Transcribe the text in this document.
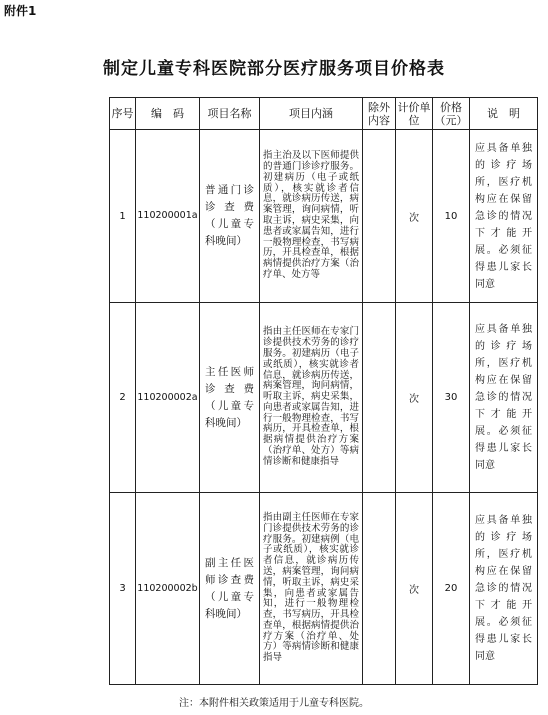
附件1
制定儿童专科医院部分医疗服务项目价格表
序号	编　码	项目名称	项目内涵	除外内容	计价单位	价格（元）	说　明
1	110200001a	普通门诊诊查费（儿童专科晚间）	指主治及以下医师提供的普通门诊诊疗服务。初建病历（电子或纸质），核实就诊者信息，就诊病历传送，病案管理，询问病情，听取主诉，病史采集，向患者或家属告知，进行一般物理检查，书写病历，开具检查单，根据病情提供治疗方案（治疗单、处方等		次	10	应具备单独的诊疗场所，医疗机构应在保留急诊的情况下才能开展。必须征得患儿家长同意
2	110200002a	主任医师诊查费（儿童专科晚间）	指由主任医师在专家门诊提供技术劳务的诊疗服务。初建病历（电子或纸质），核实就诊者信息，就诊病历传送，病案管理，询问病情，听取主诉，病史采集，向患者或家属告知，进行一般物理检查，书写病历，开具检查单，根据病情提供治疗方案（治疗单、处方）等病情诊断和健康指导		次	30	应具备单独的诊疗场所，医疗机构应在保留急诊的情况下才能开展。必须征得患儿家长同意
3	110200002b	副主任医师诊查费（儿童专科晚间）	指由副主任医师在专家门诊提供技术劳务的诊疗服务。初建病例（电子或纸质），核实就诊者信息，就诊病历传送，病案管理，询问病情，听取主诉，病史采集，向患者或家属告知，进行一般物理检查，书写病历，开具检查单，根据病情提供治疗方案（治疗单、处方）等病情诊断和健康指导		次	20	应具备单独的诊疗场所，医疗机构应在保留急诊的情况下才能开展。必须征得患儿家长同意
注：本附件相关政策适用于儿童专科医院。
